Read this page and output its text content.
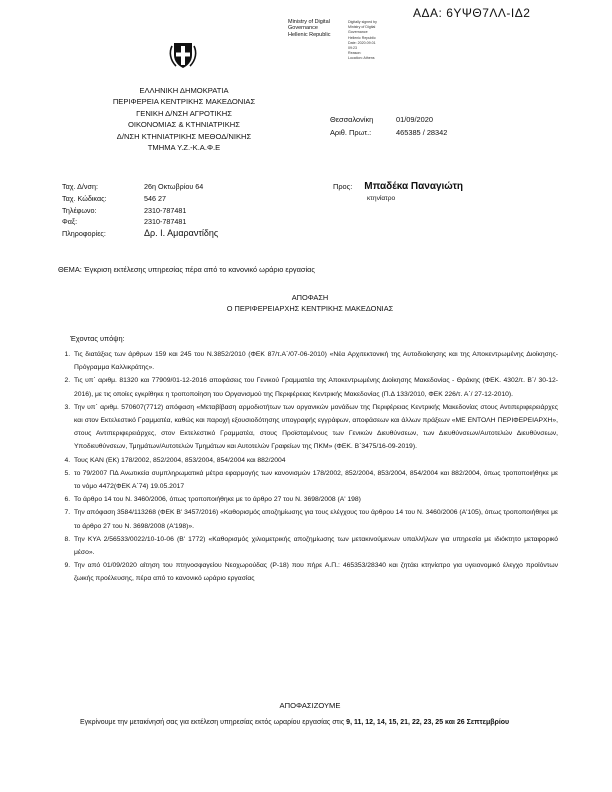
ΑΔΑ: 6ΥΨΘ7ΛΛ-ΙΔ2
Ministry of Digital
Governance
Hellenic Republic
Digitally signed by
Ministry of Digital
Governance
Hellenic Republic
Date: 2020.09.01
09:23
Reason:
Location: Athens
ΕΛΛΗΝΙΚΗ ΔΗΜΟΚΡΑΤΙΑ
ΠΕΡΙΦΕΡΕΙΑ ΚΕΝΤΡΙΚΗΣ ΜΑΚΕΔΟΝΙΑΣ
ΓΕΝΙΚΗ Δ/ΝΣΗ ΑΓΡΟΤΙΚΗΣ
ΟΙΚΟΝΟΜΙΑΣ & ΚΤΗΝΙΑΤΡΙΚΗΣ
Δ/ΝΣΗ ΚΤΗΝΙΑΤΡΙΚΗΣ ΜΕΘΟΔ/ΝΙΚΗΣ
ΤΜΗΜΑ Υ.Ζ.-Κ.Α.Φ.Ε
Θεσσαλονίκη	01/09/2020
Αριθ. Πρωτ.:	465385 / 28342
Ταχ. Δ/νση:	26η Οκτωβρίου 64
Ταχ. Κώδικας:	546 27
Τηλέφωνο:	2310-787481
Φαξ:	2310-787481
Πληροφορίες:	Δρ. Ι. Αμαραντίδης
Προς: Μπαδέκα Παναγιώτη
κτηνίατρο
ΘΕΜΑ: Έγκριση εκτέλεσης υπηρεσίας πέρα από το κανονικό ωράριο εργασίας
ΑΠΟΦΑΣΗ
Ο ΠΕΡΙΦΕΡΕΙΑΡΧΗΣ ΚΕΝΤΡΙΚΗΣ ΜΑΚΕΔΟΝΙΑΣ
Έχοντας υπόψη:
1. Τις διατάξεις των άρθρων 159 και 245 του Ν.3852/2010 (ΦΕΚ 87/τ.Α΄/07-06-2010) «Νέα Αρχιτεκτονική της Αυτοδιοίκησης και της Αποκεντρωμένης Διοίκησης-Πρόγραμμα Καλλικράτης».
2. Τις υπ΄ αριθμ. 81320 και 77909/01-12-2016 αποφάσεις του Γενικού Γραμματέα της Αποκεντρωμένης Διοίκησης Μακεδονίας - Θράκης (ΦΕΚ. 4302/τ. Β΄/ 30-12-2016), με τις οποίες εγκρίθηκε η τροποποίηση του Οργανισμού της Περιφέρειας Κεντρικής Μακεδονίας (Π.Δ 133/2010, ΦΕΚ 226/τ. Α΄/ 27-12-2010).
3. Την υπ΄ αριθμ. 570607(7712) απόφαση «Μεταβίβαση αρμοδιοτήτων των οργανικών μονάδων της Περιφέρειας Κεντρικής Μακεδονίας στους Αντιπεριφερειάρχες και στον Εκτελεστικό Γραμματέα, καθώς και παροχή εξουσιοδότησης υπογραφής εγγράφων, αποφάσεων και άλλων πράξεων «ΜΕ ΕΝΤΟΛΗ ΠΕΡΙΦΕΡΕΙΑΡΧΗ», στους Αντιπεριφερειάρχες, στον Εκτελεστικό Γραμματέα, στους Προϊσταμένους των Γενικών Διευθύνσεων, των Διευθύνσεων/Αυτοτελών Διευθύνσεων, Υποδιευθύνσεων, Τμημάτων/Αυτοτελών Τμημάτων και Αυτοτελών Γραφείων της ΠΚΜ» (ΦΕΚ. Β΄3475/16-09-2019).
4. Τους ΚΑΝ (ΕΚ) 178/2002, 852/2004, 853/2004, 854/2004 και 882/2004
5. το 79/2007 ΠΔ Ανωτικεία συμπληρωματικά μέτρα εφαρμογής των κανονισμών 178/2002, 852/2004, 853/2004, 854/2004 και 882/2004, όπως τροποποιήθηκε με το νόμο 4472(ΦΕΚ Α΄74) 19.05.2017
6. Το άρθρο 14 του Ν. 3460/2006, όπως τροποποιήθηκε με το άρθρο 27 του Ν. 3698/2008 (Α' 198)
7. Την απόφαση 3584/113268 (ΦΕΚ Β' 3457/2016) «Καθορισμός αποζημίωσης για τους ελέγχους του άρθρου 14 του Ν. 3460/2006 (Α'105), όπως τροποποιήθηκε με το άρθρο 27 του Ν. 3698/2008 (Α'198)».
8. Την ΚΥΑ 2/56533/0022/10-10-06 (Β' 1772) «Καθορισμός χιλιομετρικής αποζημίωσης των μετακινούμενων υπαλλήλων για υπηρεσία με ιδιόκτητο μεταφορικό μέσο».
9. Την από 01/09/2020 αίτηση του πτηνοσφαγείου Νεοχωρούδας (Ρ-18) που πήρε Α.Π.: 465353/28340 και ζητάει κτηνίατρο για υγειονομικό έλεγχο προϊόντων ζωικής προέλευσης, πέρα από το κανονικό ωράριο εργασίας
ΑΠΟΦΑΣΙΖΟΥΜΕ
Εγκρίνουμε την μετακίνησή σας για εκτέλεση υπηρεσίας εκτός ωραρίου εργασίας στις 9, 11, 12, 14, 15, 21, 22, 23, 25 και 26 Σεπτεμβρίου
